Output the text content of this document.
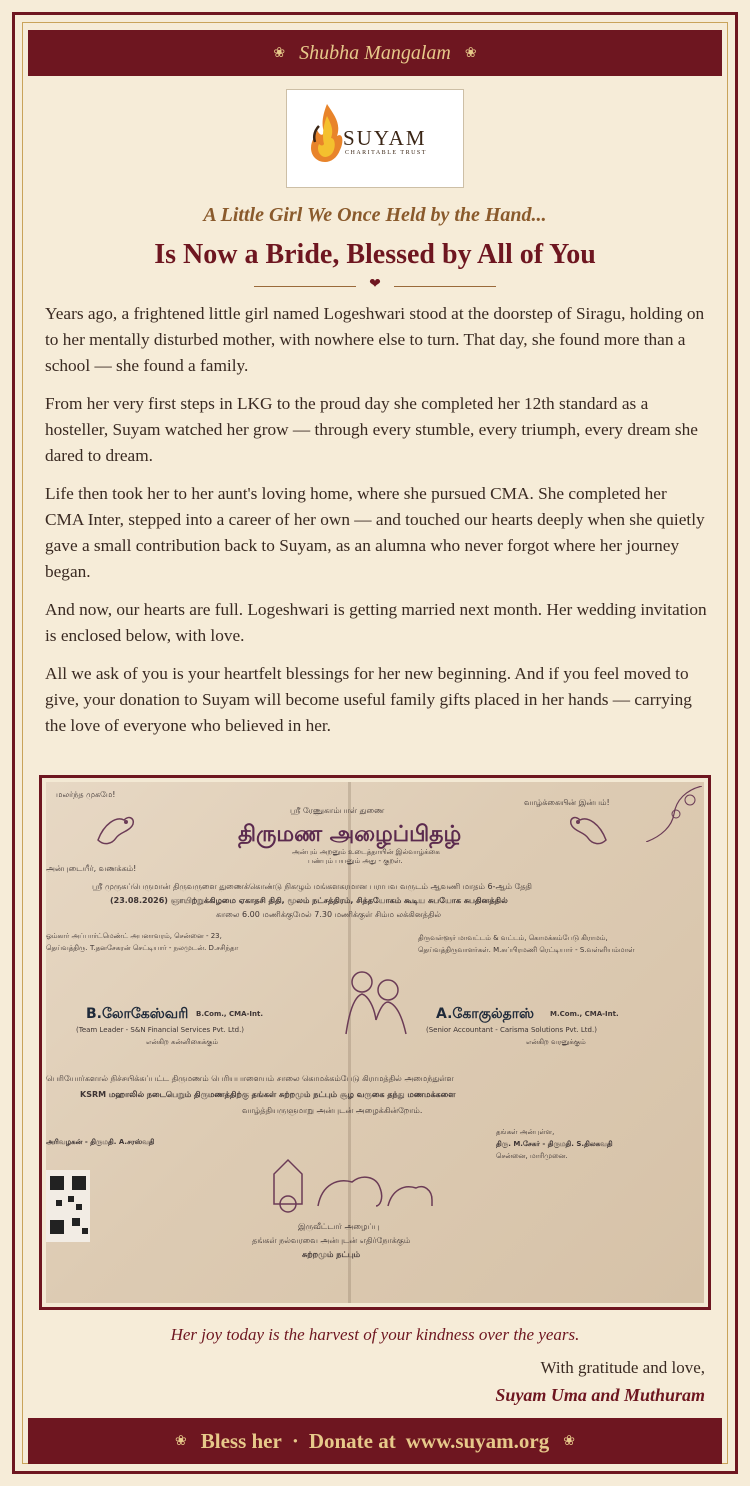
❀ Shubha Mangalam ❀
SUYAM
CHARITABLE TRUST
A Little Girl We Once Held by the Hand...
Is Now a Bride, Blessed by All of You
❤

Years ago, a frightened little girl named Logeshwari stood at the doorstep of Siragu, holding on to her mentally disturbed mother, with nowhere else to turn. That day, she found more than a school — she found a family.

From her very first steps in LKG to the proud day she completed her 12th standard as a hosteller, Suyam watched her grow — through every stumble, every triumph, every dream she dared to dream.

Life then took her to her aunt's loving home, where she pursued CMA. She completed her CMA Inter, stepped into a career of her own — and touched our hearts deeply when she quietly gave a small contribution back to Suyam, as an alumna who never forgot where her journey began.

And now, our hearts are full. Logeshwari is getting married next month. Her wedding invitation is enclosed below, with love.

All we ask of you is your heartfelt blessings for her new beginning. And if you feel moved to give, your donation to Suyam will become useful family gifts placed in her hands — carrying the love of everyone who believed in her.

மலர்ந்த முகமே!
ஸ்ரீ ரேணுகாம்பாள் துணை
வாழ்க்கையின் இன்பம்!
திருமண அழைப்பிதழ்
அன்பும் அறனும் உடைத்தாயின் இல்வாழ்க்கை
பண்பும் பயனும் அது - குறள்.
அன்புடையீர், வணக்கம்!
ஸ்ரீ முருகப்பெருமான் திருவருளை துணைக்கொண்டு நிகழும் மங்களகரமான பராபவ வருடம் ஆவணி மாதம் 6-ஆம் தேதி
(23.08.2026) ஞாயிற்றுக்கிழமை ஏகாதசி திதி, மூலம் நட்சத்திரம், சித்தயோகம் கூடிய சுபயோக சுபதினத்தில்
காலை 6.00 மணிக்குமேல் 7.30 மணிக்குள் சிம்ம லக்கினத்தில்
ஓம்கார் அப்பார்ட்மெண்ட் அபனாவரம், சென்னை - 23,
தெய்வத்திரு. T.தனசேகரன் செட்டியார் - நலமுடன். D.சசிந்தா
B.லோகேஸ்வரி B.Com., CMA-Int.
(Team Leader - S&N Financial Services Pvt. Ltd.)
என்கிற கன்னிகைக்கும்
திருவள்ளூர் மாவட்டம் & வட்டம், கொமக்கம்பேடு கிராமம்,
தெய்வத்திருவாளர்கள். M.சுப்பிரமணி ரெட்டியார் - S.வள்ளியம்மாள்
A.கோகுல்தாஸ் M.Com., CMA-Int.
(Senior Accountant - Carisma Solutions Pvt. Ltd.)
என்கிற வரனுக்கும்
பெரியோர்களால் நிச்சயிக்கப்பட்ட திருமணம் பெரியபாளையம் சாலை கொமக்கம்பேடு கிராமத்தில் அமைந்துள்ள
KSRM மஹாலில் நடைபெறும் திருமணத்திற்கு தங்கள் சுற்றமும் நட்பும் சூழ வருகை தந்து மணமக்களை
வாழ்த்தியருளுமாறு அன்புடன் அழைக்கின்றோம்.
அரிவழகன் - திருமதி. A.சரஸ்வதி
தங்கள் அன்புள்ள,
திரு. M.சேகர் - திருமதி. S.திலகவதி
சென்னை, மாரிமுனை.
இருவீட்டார் அழைப்பு
தங்கள் நல்வரவை அன்புடன் எதிர்நோக்கும்
சுற்றமும் நட்பும்
Her joy today is the harvest of your kindness over the years.
With gratitude and love,
Suyam Uma and Muthuram
❀ Bless her · Donate at www.suyam.org ❀
